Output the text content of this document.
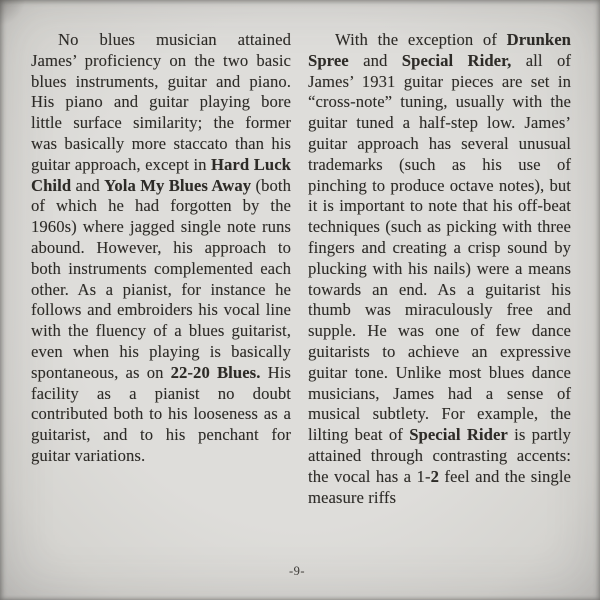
No blues musician attained James’ proficiency on the two basic blues instruments, guitar and piano. His piano and guitar playing bore little surface similarity; the former was basically more staccato than his guitar approach, except in Hard Luck Child and Yola My Blues Away (both of which he had forgotten by the 1960s) where jagged single note runs abound. However, his approach to both instruments complemented each other. As a pianist, for instance he follows and embroiders his vocal line with the fluency of a blues guitarist, even when his playing is basically spontaneous, as on 22-20 Blues. His facility as a pianist no doubt contributed both to his looseness as a guitarist, and to his penchant for guitar variations.

With the exception of Drunken Spree and Special Rider, all of James’ 1931 guitar pieces are set in “cross-note” tuning, usually with the guitar tuned a half-step low. James’ guitar approach has several unusual trademarks (such as his use of pinching to produce octave notes), but it is important to note that his off-beat techniques (such as picking with three fingers and creating a crisp sound by plucking with his nails) were a means towards an end. As a guitarist his thumb was miraculously free and supple. He was one of few dance guitarists to achieve an expressive guitar tone. Unlike most blues dance musicians, James had a sense of musical subtlety. For example, the lilting beat of Special Rider is partly attained through contrasting accents: the vocal has a 1-2 feel and the single measure riffs

-9-
